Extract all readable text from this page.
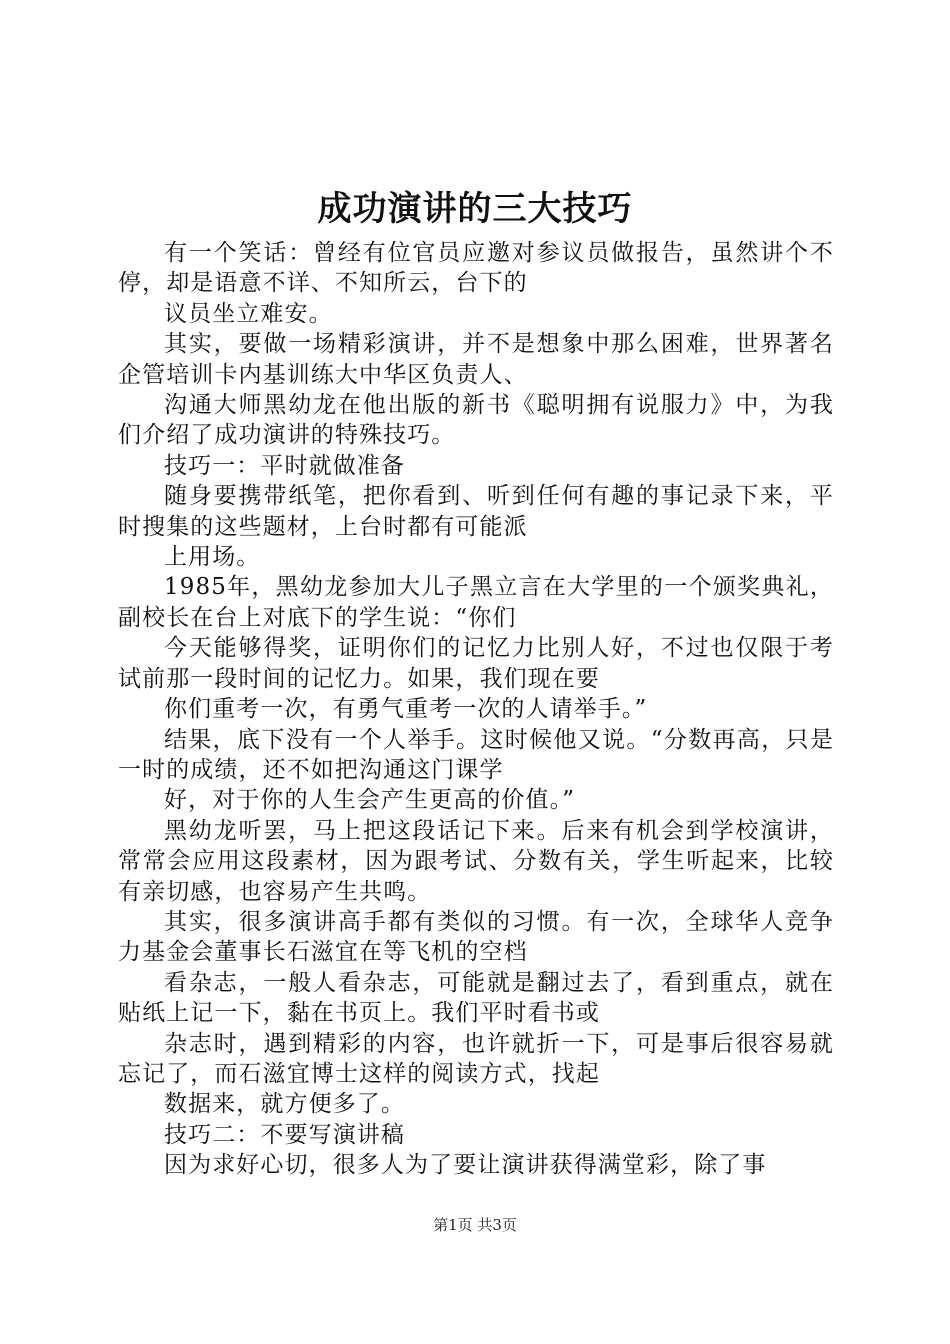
成功演讲的三大技巧

有一个笑话：曾经有位官员应邀对参议员做报告，虽然讲个不停，却是语意不详、不知所云，台下的

议员坐立难安。

其实，要做一场精彩演讲，并不是想象中那么困难，世界著名企管培训卡内基训练大中华区负责人、

沟通大师黑幼龙在他出版的新书《聪明拥有说服力》中，为我们介绍了成功演讲的特殊技巧。

技巧一：平时就做准备

随身要携带纸笔，把你看到、听到任何有趣的事记录下来，平时搜集的这些题材，上台时都有可能派

上用场。

1985年，黑幼龙参加大儿子黑立言在大学里的一个颁奖典礼，副校长在台上对底下的学生说：“你们

今天能够得奖，证明你们的记忆力比别人好，不过也仅限于考试前那一段时间的记忆力。如果，我们现在要

你们重考一次，有勇气重考一次的人请举手。”

结果，底下没有一个人举手。这时候他又说。“分数再高，只是一时的成绩，还不如把沟通这门课学

好，对于你的人生会产生更高的价值。”

黑幼龙听罢，马上把这段话记下来。后来有机会到学校演讲，常常会应用这段素材，因为跟考试、分数有关，学生听起来，比较有亲切感，也容易产生共鸣。

其实，很多演讲高手都有类似的习惯。有一次，全球华人竞争力基金会董事长石滋宜在等飞机的空档

看杂志，一般人看杂志，可能就是翻过去了，看到重点，就在贴纸上记一下，黏在书页上。我们平时看书或

杂志时，遇到精彩的内容，也许就折一下，可是事后很容易就忘记了，而石滋宜博士这样的阅读方式，找起

数据来，就方便多了。

技巧二：不要写演讲稿

因为求好心切，很多人为了要让演讲获得满堂彩，除了事

第1页 共3页
